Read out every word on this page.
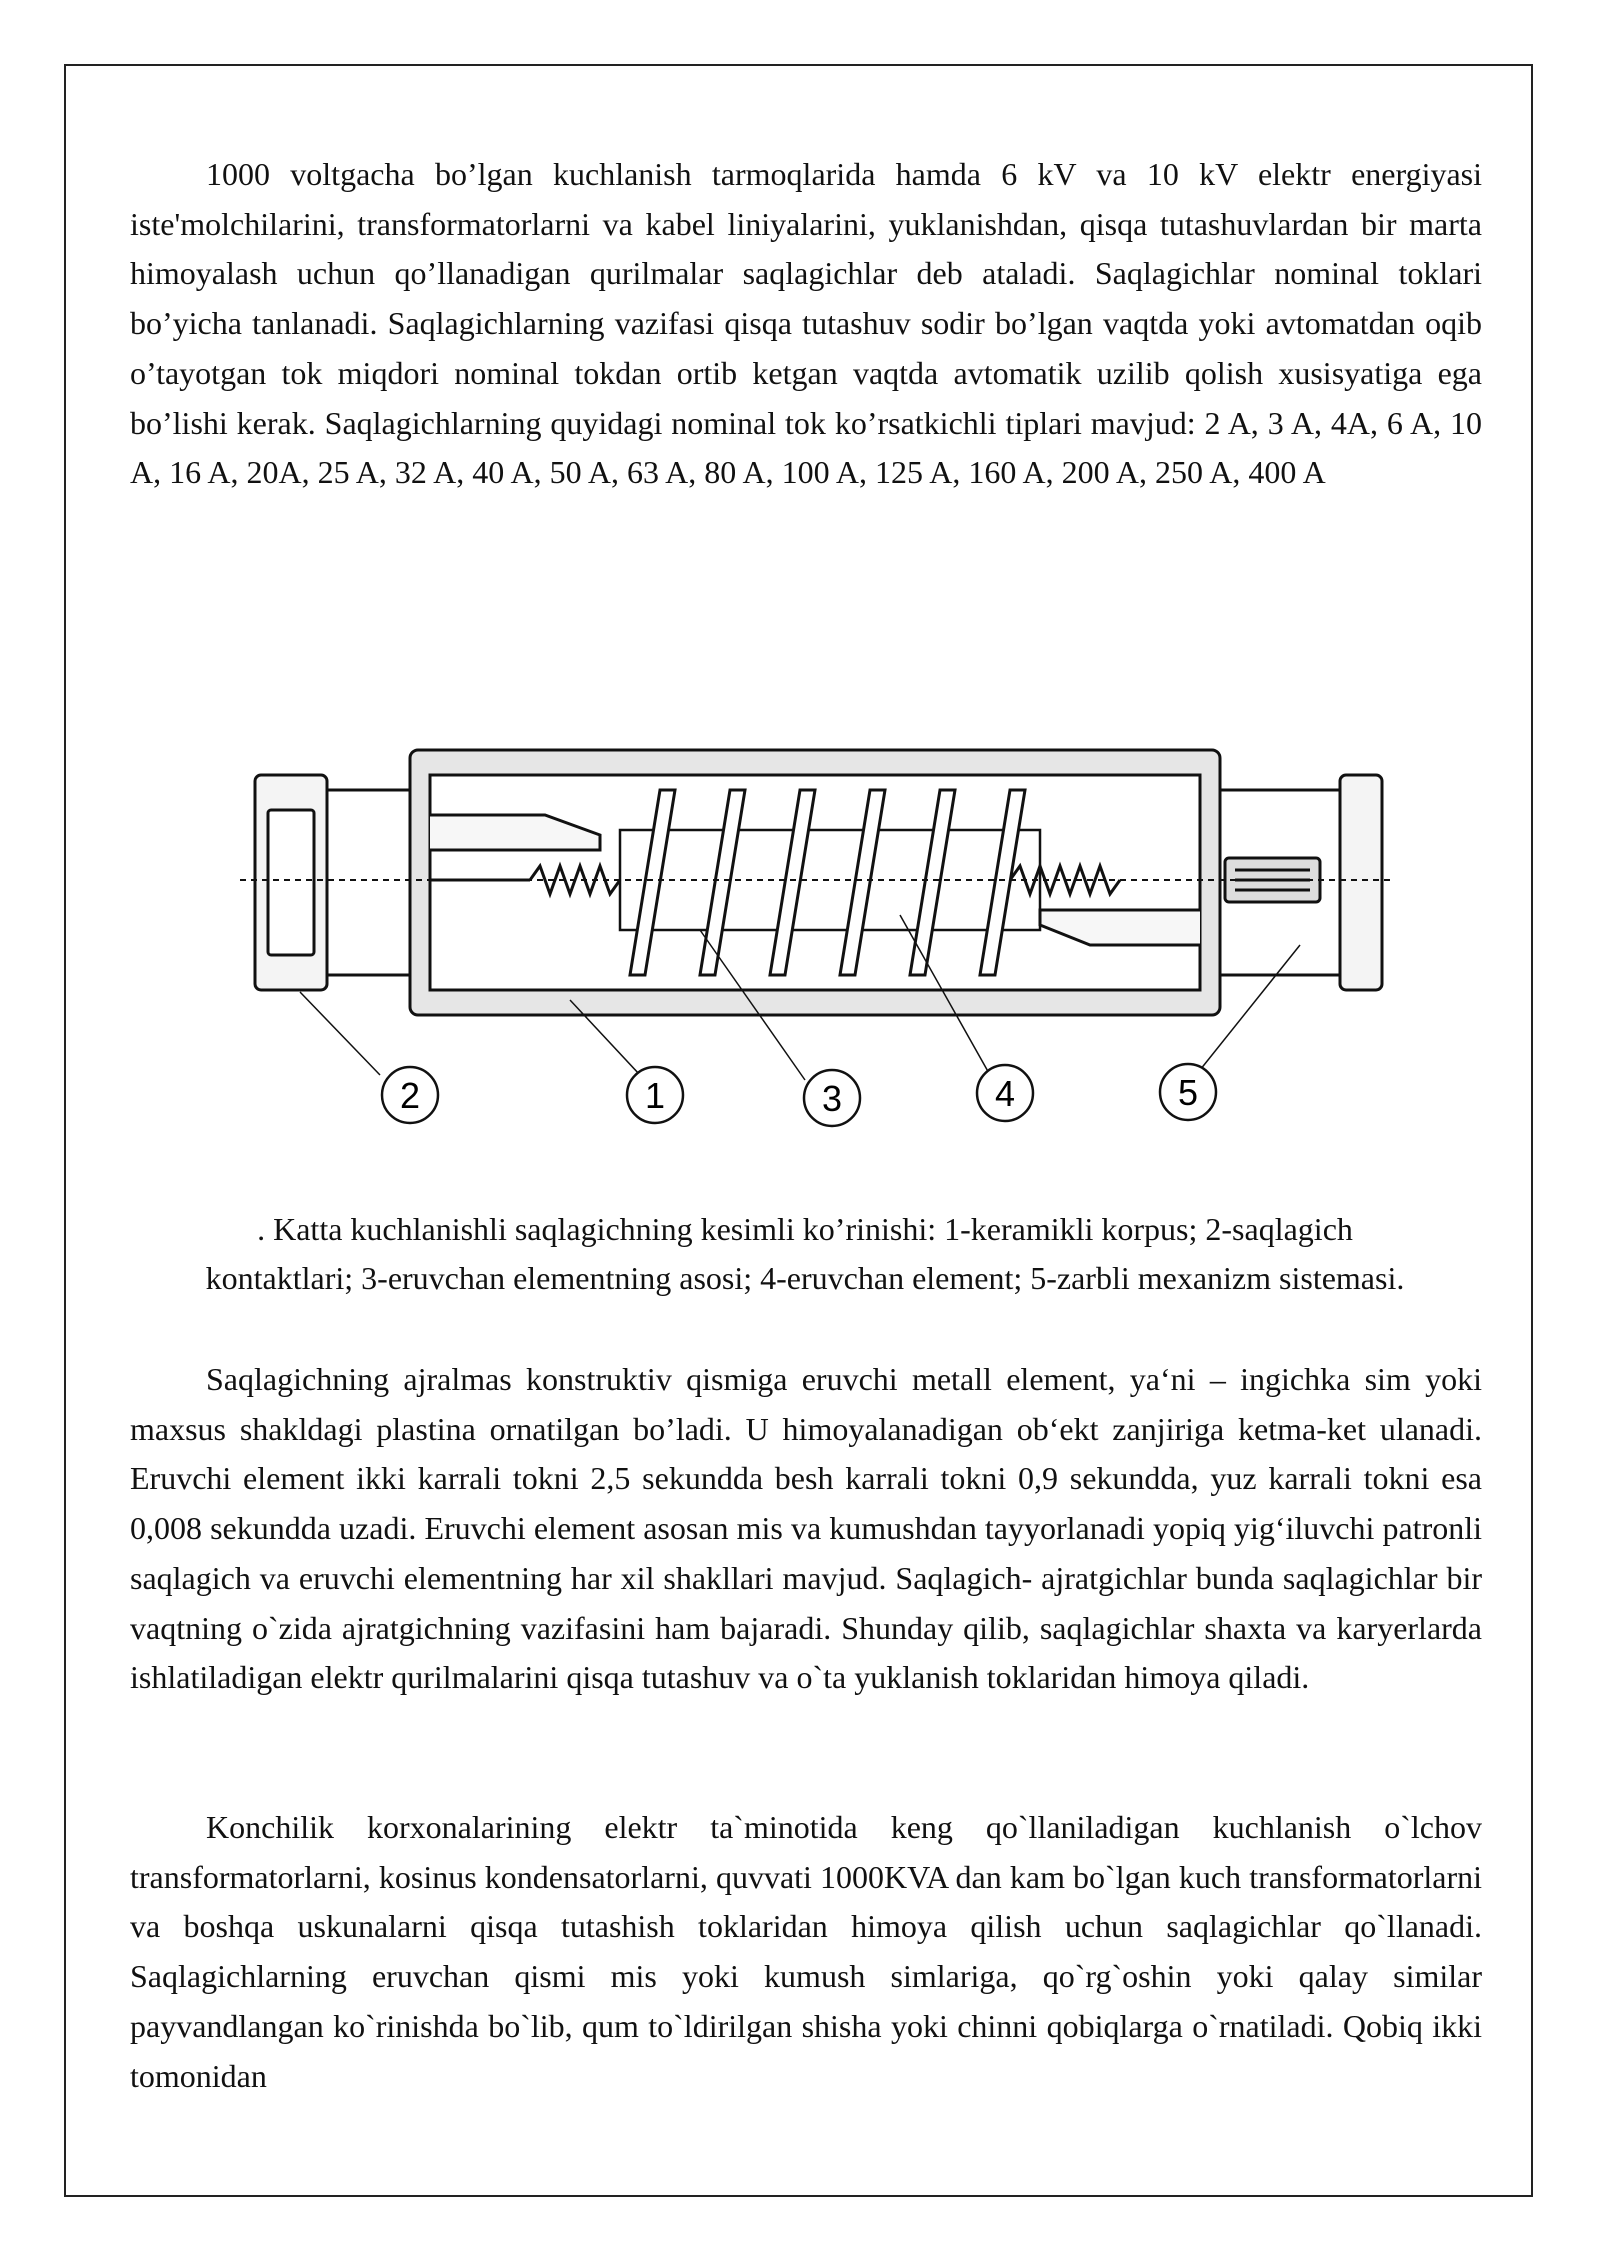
1000 voltgacha bo’lgan kuchlanish tarmoqlarida hamda 6 kV va 10 kV elektr energiyasi iste'molchilarini, transformatorlarni va kabel liniyalarini, yuklanishdan, qisqa tutashuvlardan bir marta himoyalash uchun qo’llanadigan qurilmalar saqlagichlar deb ataladi. Saqlagichlar nominal toklari bo’yicha tanlanadi. Saqlagichlarning vazifasi qisqa tutashuv sodir bo’lgan vaqtda yoki avtomatdan oqib o’tayotgan tok miqdori nominal tokdan ortib ketgan vaqtda avtomatik uzilib qolish xusisyatiga ega bo’lishi kerak. Saqlagichlarning quyidagi nominal tok ko’rsatkichli tiplari mavjud: 2 A, 3 A, 4A, 6 A, 10 A, 16 A, 20A, 25 A, 32 A, 40 A, 50 A, 63 A, 80 A, 100 A, 125 A, 160 A, 200 A, 250 A, 400 A

2	1	3	4	5

. Katta kuchlanishli saqlagichning kesimli ko’rinishi: 1-keramikli korpus; 2-saqlagich kontaktlari; 3-eruvchan elementning asosi; 4-eruvchan element; 5-zarbli mexanizm sistemasi.

Saqlagichning ajralmas konstruktiv qismiga eruvchi metall element, ya‘ni – ingichka sim yoki maxsus shakldagi plastina ornatilgan bo’ladi. U himoyalanadigan ob‘ekt zanjiriga ketma-ket ulanadi. Eruvchi element ikki karrali tokni 2,5 sekundda besh karrali tokni 0,9 sekundda, yuz karrali tokni esa 0,008 sekundda uzadi. Eruvchi element asosan mis va kumushdan tayyorlanadi yopiq yig‘iluvchi patronli saqlagich va eruvchi elementning har xil shakllari mavjud. Saqlagich- ajratgichlar bunda saqlagichlar bir vaqtning o`zida ajratgichning vazifasini ham bajaradi. Shunday qilib, saqlagichlar shaxta va karyerlarda ishlatiladigan elektr qurilmalarini qisqa tutashuv va o`ta yuklanish toklaridan himoya qiladi.

Konchilik korxonalarining elektr ta`minotida keng qo`llaniladigan kuchlanish o`lchov transformatorlarni, kosinus kondensatorlarni, quvvati 1000KVA dan kam bo`lgan kuch transformatorlarni va boshqa uskunalarni qisqa tutashish toklaridan himoya qilish uchun saqlagichlar qo`llanadi. Saqlagichlarning eruvchan qismi mis yoki kumush simlariga, qo`rg`oshin yoki qalay similar payvandlangan ko`rinishda bo`lib, qum to`ldirilgan shisha yoki chinni qobiqlarga o`rnatiladi. Qobiq ikki tomonidan
